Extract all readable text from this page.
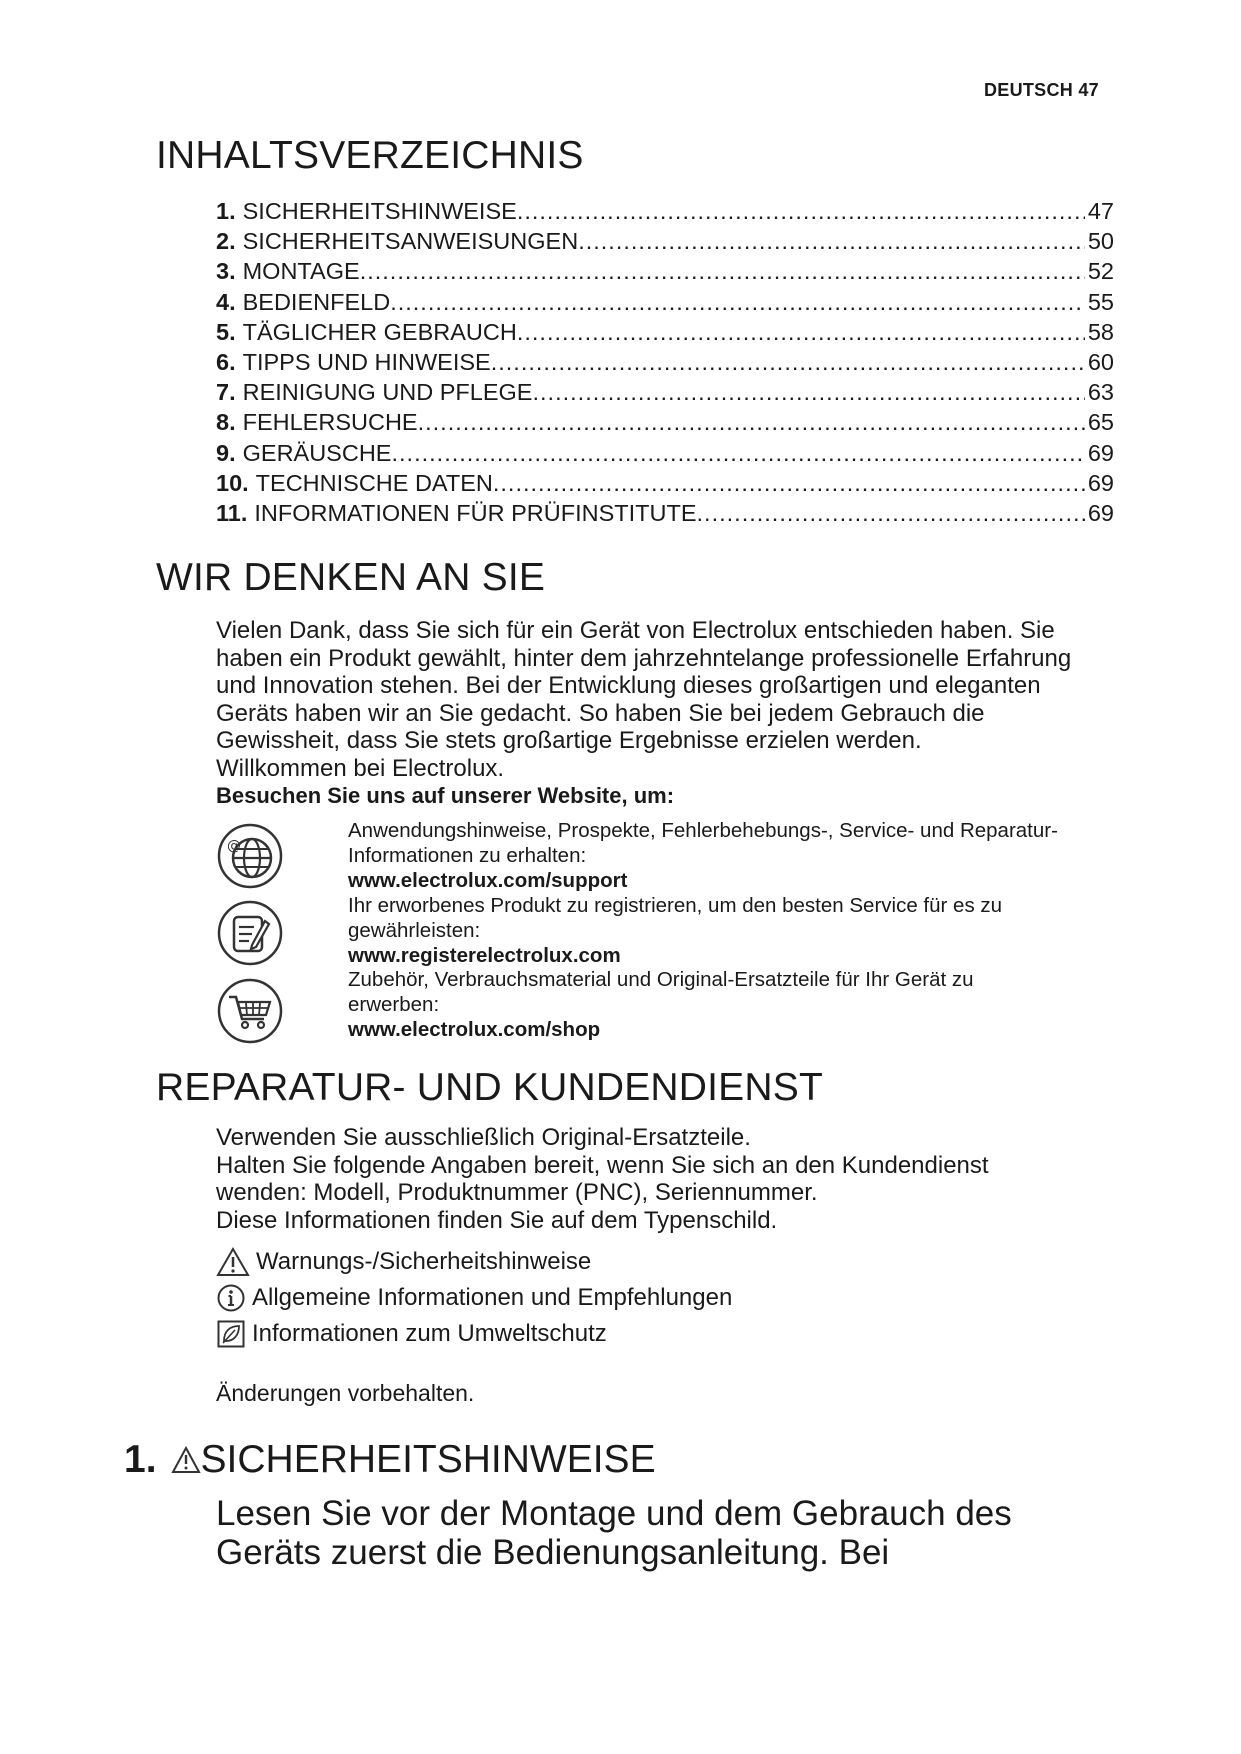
DEUTSCH 47
INHALTSVERZEICHNIS
1. SICHERHEITSHINWEISE .....	47
2. SICHERHEITSANWEISUNGEN .....	50
3. MONTAGE .....	52
4. BEDIENFELD .....	55
5. TÄGLICHER GEBRAUCH .....	58
6. TIPPS UND HINWEISE .....	60
7. REINIGUNG UND PFLEGE .....	63
8. FEHLERSUCHE .....	65
9. GERÄUSCHE .....	69
10. TECHNISCHE DATEN .....	69
11. INFORMATIONEN FÜR PRÜFINSTITUTE .....	69
WIR DENKEN AN SIE

Vielen Dank, dass Sie sich für ein Gerät von Electrolux entschieden haben. Sie

haben ein Produkt gewählt, hinter dem jahrzehntelange professionelle Erfahrung

und Innovation stehen. Bei der Entwicklung dieses großartigen und eleganten

Geräts haben wir an Sie gedacht. So haben Sie bei jedem Gebrauch die

Gewissheit, dass Sie stets großartige Ergebnisse erzielen werden.

Willkommen bei Electrolux.

Besuchen Sie uns auf unserer Website, um:

@
Anwendungshinweise, Prospekte, Fehlerbehebungs-, Service- und Reparatur-
Informationen zu erhalten:
www.electrolux.com/support
Ihr erworbenes Produkt zu registrieren, um den besten Service für es zu
gewährleisten:
www.registerelectrolux.com
Zubehör, Verbrauchsmaterial und Original-Ersatzteile für Ihr Gerät zu
erwerben:
www.electrolux.com/shop
REPARATUR- UND KUNDENDIENST

Verwenden Sie ausschließlich Original-Ersatzteile.

Halten Sie folgende Angaben bereit, wenn Sie sich an den Kundendienst

wenden: Modell, Produktnummer (PNC), Seriennummer.

Diese Informationen finden Sie auf dem Typenschild.

Warnungs-/Sicherheitshinweise
Allgemeine Informationen und Empfehlungen
Informationen zum Umweltschutz
Änderungen vorbehalten.
1. SICHERHEITSHINWEISE
Lesen Sie vor der Montage und dem Gebrauch des
Geräts zuerst die Bedienungsanleitung. Bei
